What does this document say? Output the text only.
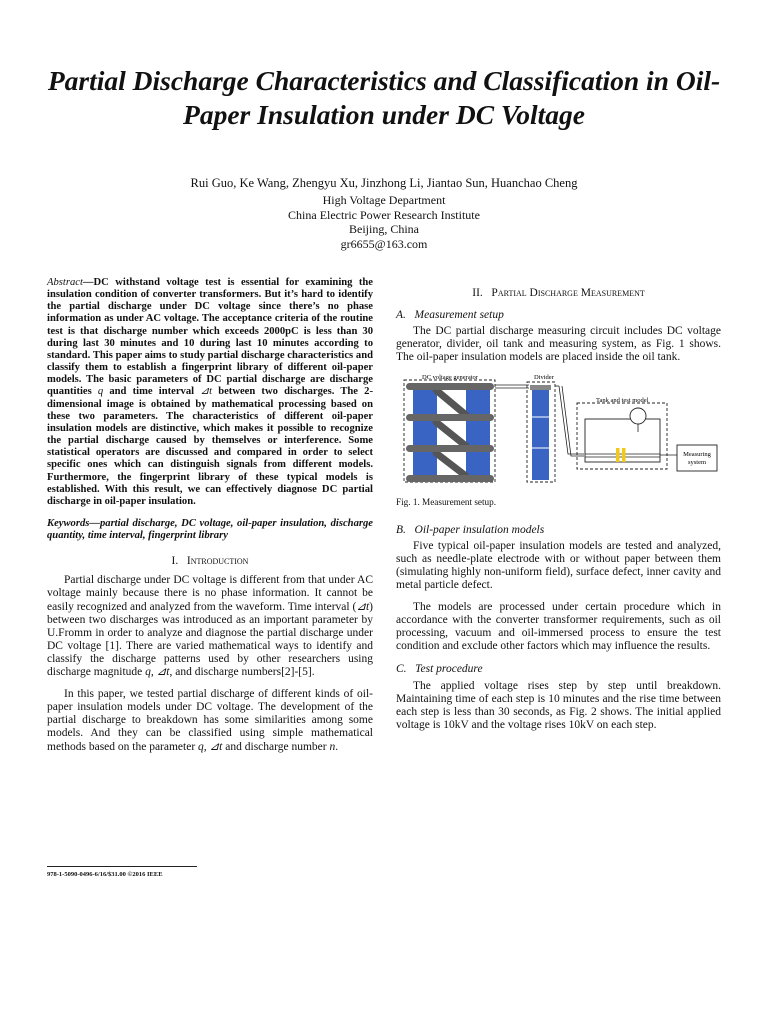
Partial Discharge Characteristics and Classification in Oil-Paper Insulation under DC Voltage
Rui Guo, Ke Wang, Zhengyu Xu, Jinzhong Li, Jiantao Sun, Huanchao Cheng
High Voltage Department
China Electric Power Research Institute
Beijing, China
gr6655@163.com
Abstract—DC withstand voltage test is essential for examining the insulation condition of converter transformers. But it’s hard to identify the partial discharge under DC voltage since there’s no phase information as under AC voltage. The acceptance criteria of the routine test is that discharge number which exceeds 2000pC is less than 30 during last 30 minutes and 10 during last 10 minutes according to standard. This paper aims to study partial discharge characteristics and classify them to establish a fingerprint library of different oil-paper models. The basic parameters of DC partial discharge are discharge quantities q and time interval ⊿t between two discharges. The 2-dimensional image is obtained by mathematical processing based on these two parameters. The characteristics of different oil-paper insulation models are distinctive, which makes it possible to recognize the partial discharge caused by themselves or interference. Some statistical operators are discussed and compared in order to select specific ones which can distinguish signals from different models. Furthermore, the fingerprint library of these typical models is established. With this result, we can effectively diagnose DC partial discharge in oil-paper insulation.
Keywords—partial discharge, DC voltage, oil-paper insulation, discharge quantity, time interval, fingerprint library
I. Introduction

Partial discharge under DC voltage is different from that under AC voltage mainly because there is no phase information. It cannot be easily recognized and analyzed from the waveform. Time interval (⊿t) between two discharges was introduced as an important parameter by U.Fromm in order to analyze and diagnose the partial discharge under DC voltage [1]. There are varied mathematical ways to identify and classify the discharge patterns used by other researchers using discharge magnitude q, ⊿t, and discharge numbers[2]-[5].

In this paper, we tested partial discharge of different kinds of oil-paper insulation models under DC voltage. The development of the partial discharge to breakdown has some similarities among some models. And they can be classified using simple mathematical methods based on the parameter q, ⊿t and discharge number n.

978-1-5090-0496-6/16/$31.00 ©2016 IEEE
II. Partial Discharge Measurement
A. Measurement setup

The DC partial discharge measuring circuit includes DC voltage generator, divider, oil tank and measuring system, as Fig. 1 shows. The oil-paper insulation models are placed inside the oil tank.

DC voltage generator	Divider
Tank and test model
Measuring
system
Fig. 1. Measurement setup.
B. Oil-paper insulation models

Five typical oil-paper insulation models are tested and analyzed, such as needle-plate electrode with or without paper between them (simulating highly non-uniform field), surface defect, inner cavity and metal particle defect.

The models are processed under certain procedure which in accordance with the converter transformer requirements, such as oil processing, vacuum and oil-immersed process to ensure the test condition and exclude other factors which may influence the results.

C. Test procedure

The applied voltage rises step by step until breakdown. Maintaining time of each step is 10 minutes and the rise time between each step is less than 30 seconds, as Fig. 2 shows. The initial applied voltage is 10kV and the voltage rises 10kV on each step.
